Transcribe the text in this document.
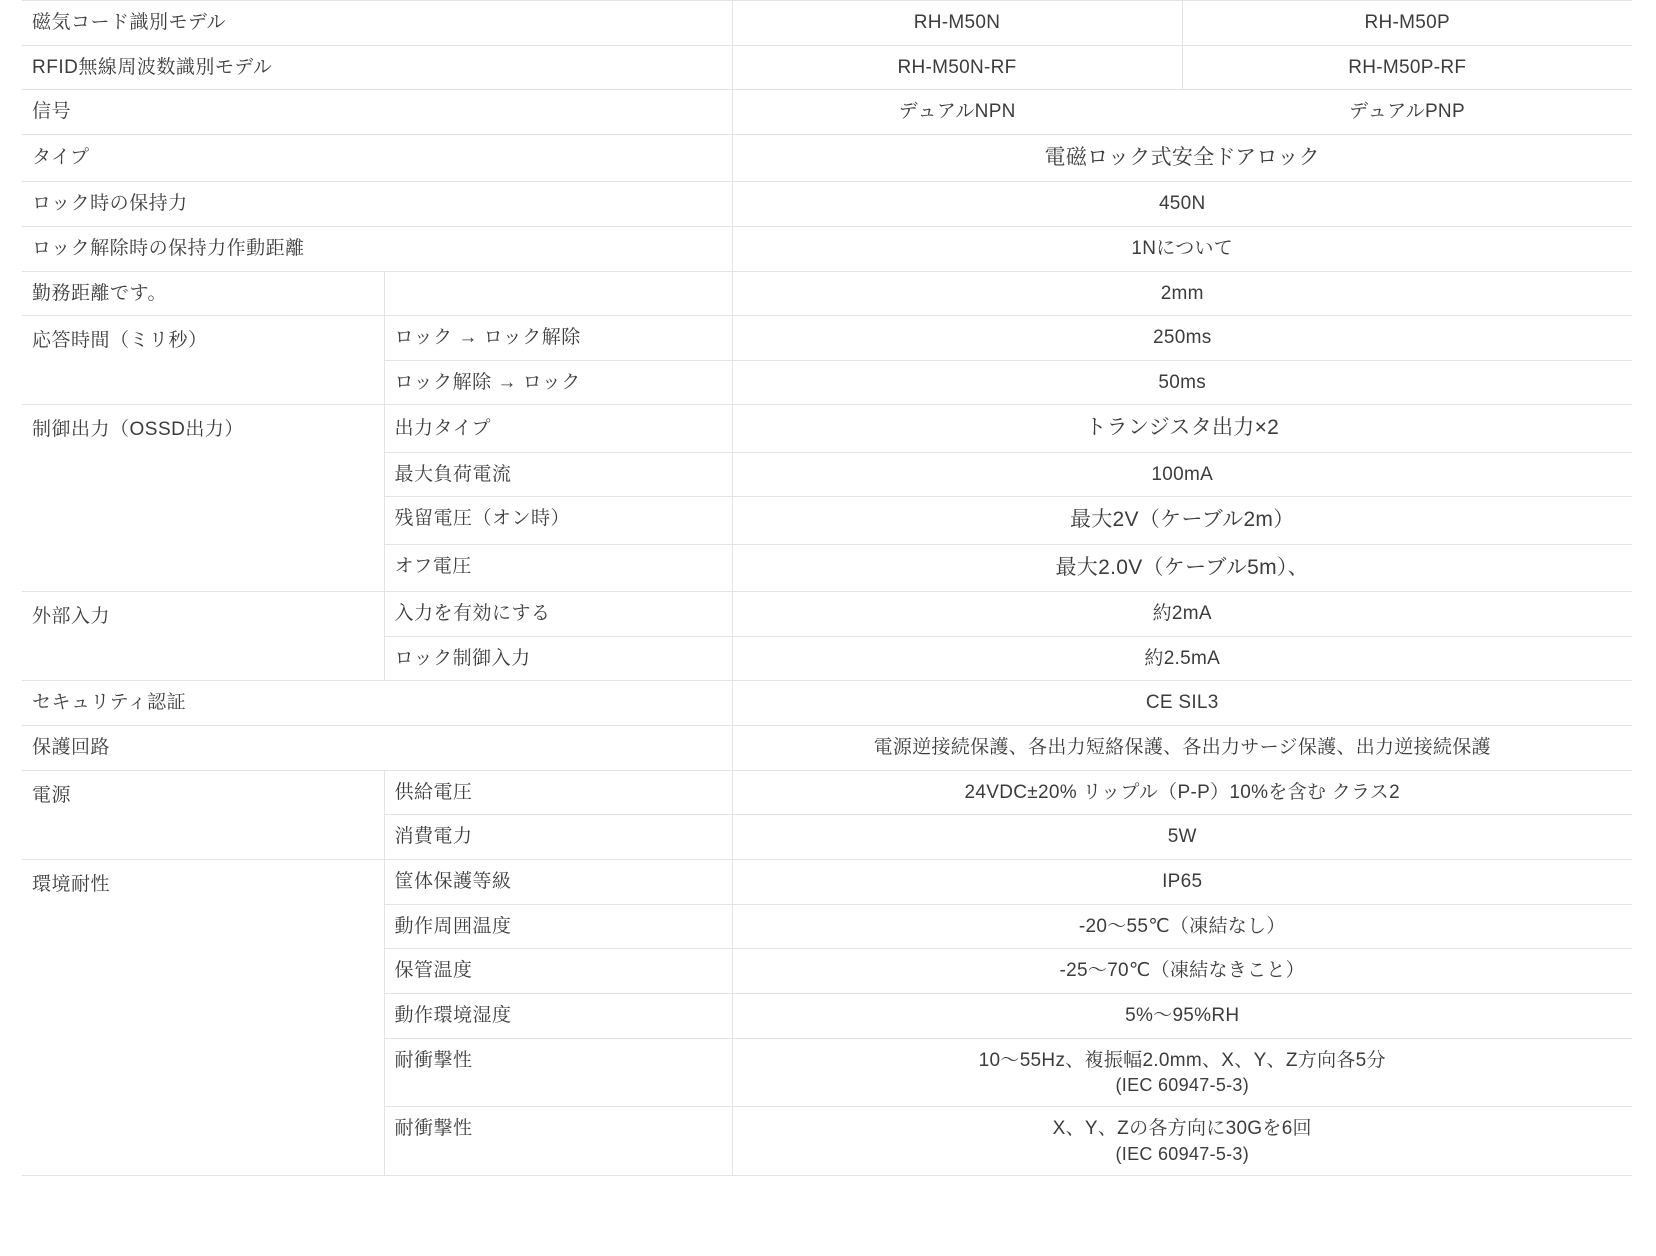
磁気コード識別モデル		RH-M50N	RH-M50P
RFID無線周波数識別モデル		RH-M50N-RF	RH-M50P-RF
信号		デュアルNPN	デュアルPNP
タイプ		電磁ロック式安全ドアロック	
ロック時の保持力		450N	
ロック解除時の保持力作動距離		1Nについて	
勤務距離です。		2mm	
応答時間（ミリ秒）	ロック → ロック解除	250ms	
	ロック解除 → ロック	50ms	
制御出力（OSSD出力）	出力タイプ	トランジスタ出力×2	
	最大負荷電流	100mA	
	残留電圧（オン時）	最大2V（ケーブル2m）	
	オフ電圧	最大2.0V（ケーブル5m）、	
外部入力	入力を有効にする	約2mA	
	ロック制御入力	約2.5mA	
セキュリティ認証		CE SIL3	
保護回路		電源逆接続保護、各出力短絡保護、各出力サージ保護、出力逆接続保護	
電源	供給電圧	24VDC±20% リップル（P-P）10%を含む クラス2	
	消費電力	5W	
環境耐性	筐体保護等級	IP65	
	動作周囲温度	-20〜55℃（凍結なし）	
	保管温度	-25〜70℃（凍結なきこと）	
	動作環境湿度	5%〜95%RH	
	耐衝撃性	10〜55Hz、複振幅2.0mm、X、Y、Z方向各5分
(IEC 60947-5-3)	

	耐衝撃性	X、Y、Zの各方向に30Gを6回
(IEC 60947-5-3)	
